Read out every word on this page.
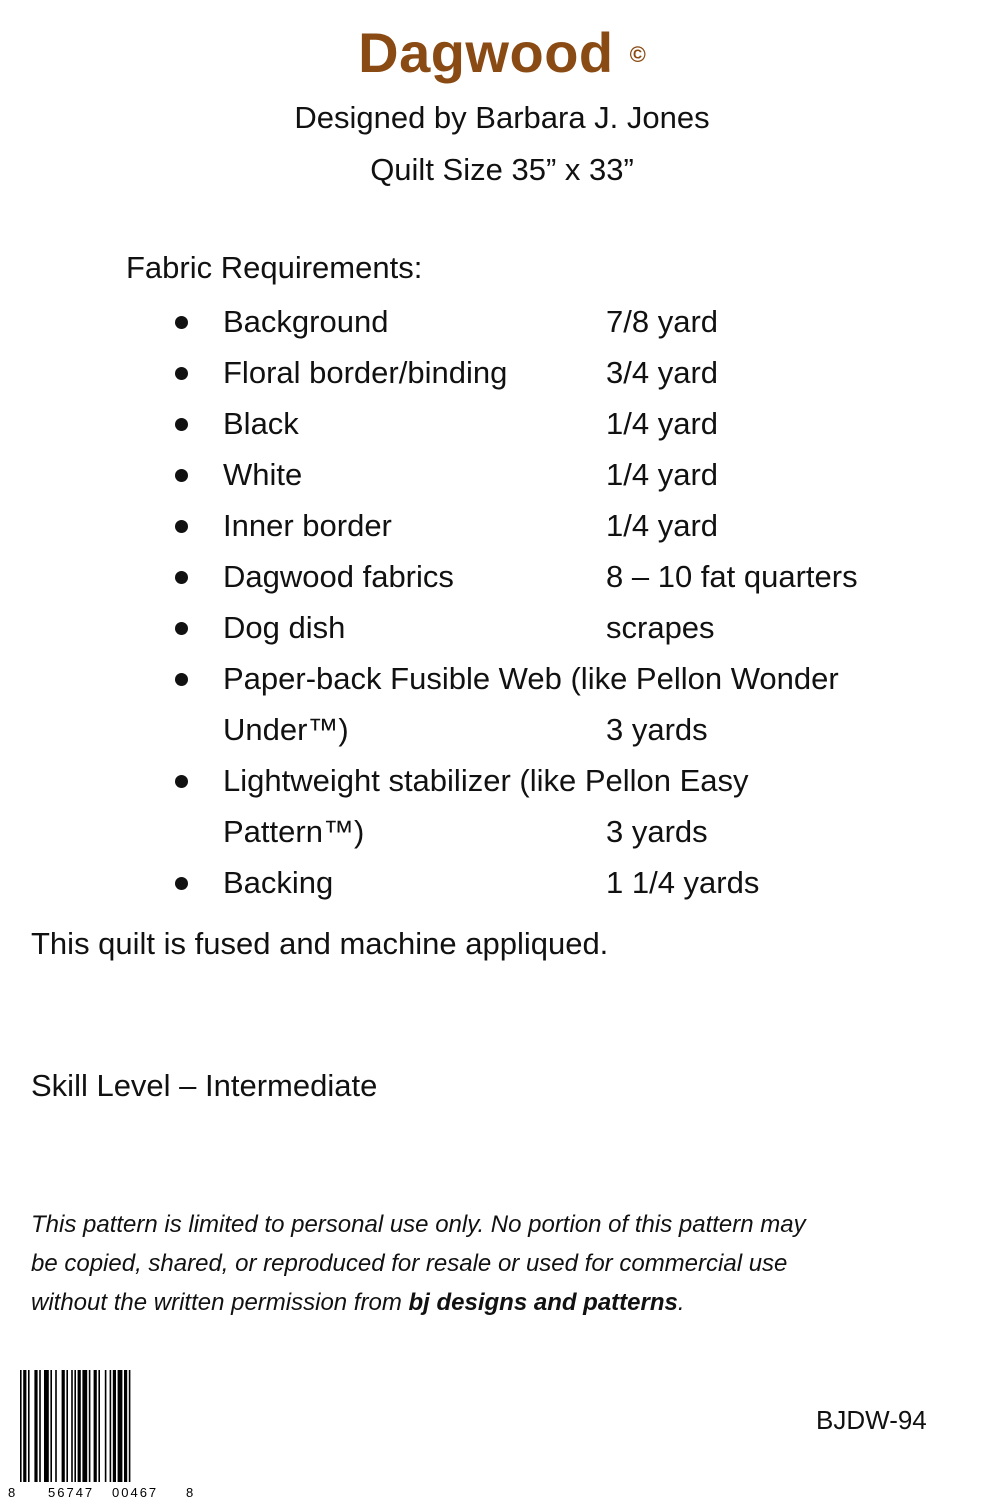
Dagwood ©
Designed by Barbara J. Jones
Quilt Size 35” x 33”
Fabric Requirements:
Background	7/8 yard
Floral border/binding	3/4 yard
Black	1/4 yard
White	1/4 yard
Inner border	1/4 yard
Dagwood fabrics	8 – 10 fat quarters
Dog dish	scrapes
Paper-back Fusible Web (like Pellon Wonder
Under™)	3 yards
Lightweight stabilizer (like Pellon Easy
Pattern™)	3 yards
Backing	1 1/4 yards
This quilt is fused and machine appliqued.
Skill Level – Intermediate
This pattern is limited to personal use only. No portion of this pattern may
be copied, shared, or reproduced for resale or used for commercial use
without the written permission from bj designs and patterns.
8	56747 00467 8
BJDW-94
